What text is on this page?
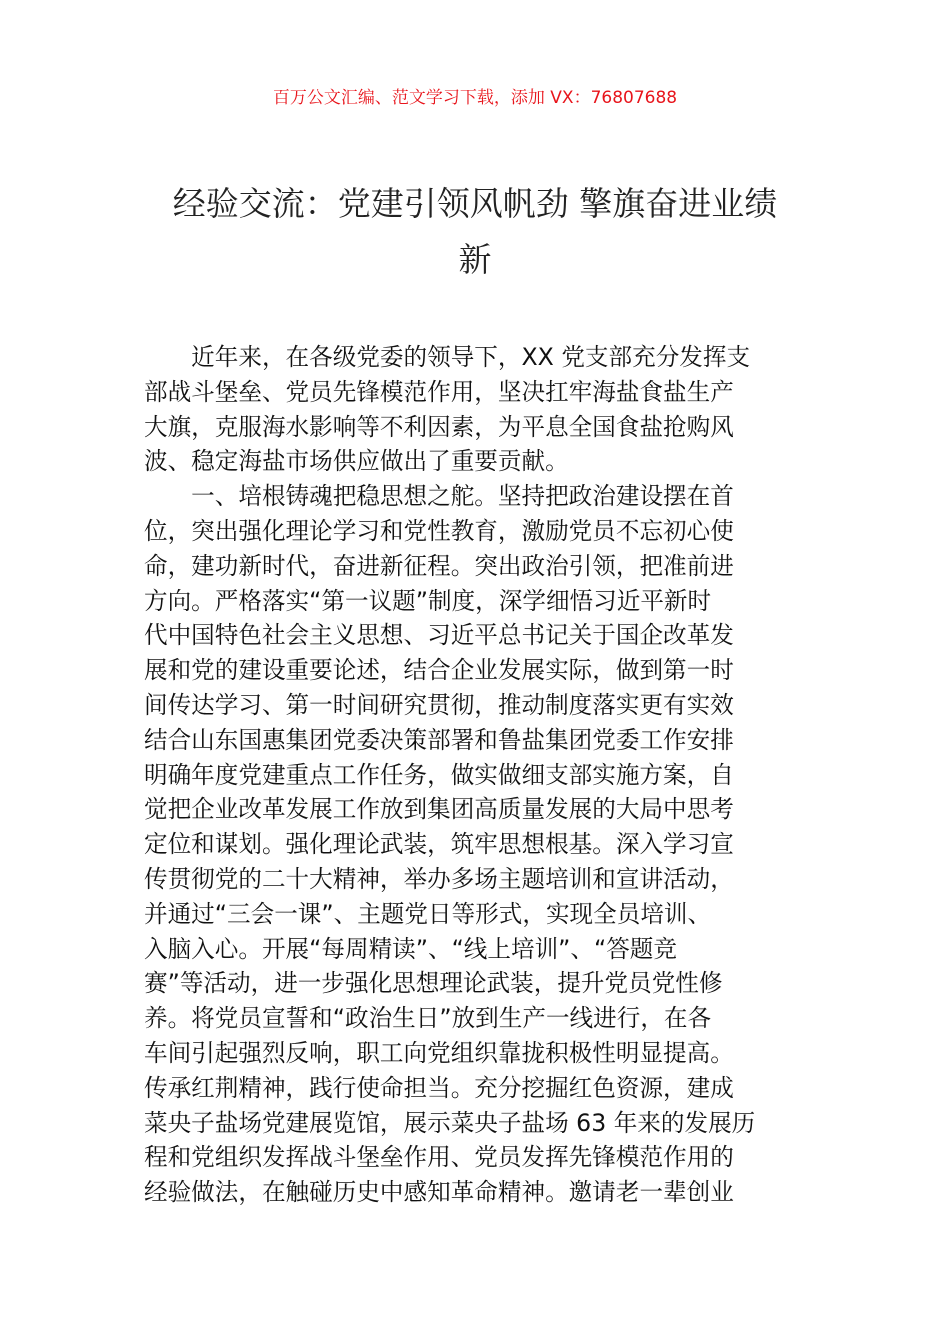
百万公文汇编、范文学习下载，添加 VX：76807688
经验交流：党建引领风帆劲 擎旗奋进业绩
新
　　近年来，在各级党委的领导下，XX 党支部充分发挥支
部战斗堡垒、党员先锋模范作用，坚决扛牢海盐食盐生产
大旗，克服海水影响等不利因素，为平息全国食盐抢购风
波、稳定海盐市场供应做出了重要贡献。
　　一、培根铸魂把稳思想之舵。坚持把政治建设摆在首
位，突出强化理论学习和党性教育，激励党员不忘初心使
命，建功新时代，奋进新征程。突出政治引领，把准前进
方向。严格落实“第一议题”制度，深学细悟习近平新时
代中国特色社会主义思想、习近平总书记关于国企改革发
展和党的建设重要论述，结合企业发展实际，做到第一时
间传达学习、第一时间研究贯彻，推动制度落实更有实效
结合山东国惠集团党委决策部署和鲁盐集团党委工作安排
明确年度党建重点工作任务，做实做细支部实施方案，自
觉把企业改革发展工作放到集团高质量发展的大局中思考
定位和谋划。强化理论武装，筑牢思想根基。深入学习宣
传贯彻党的二十大精神，举办多场主题培训和宣讲活动，
并通过“三会一课”、主题党日等形式，实现全员培训、
入脑入心。开展“每周精读”、“线上培训”、“答题竞
赛”等活动，进一步强化思想理论武装，提升党员党性修
养。将党员宣誓和“政治生日”放到生产一线进行，在各
车间引起强烈反响，职工向党组织靠拢积极性明显提高。
传承红荆精神，践行使命担当。充分挖掘红色资源，建成
菜央子盐场党建展览馆，展示菜央子盐场 63 年来的发展历
程和党组织发挥战斗堡垒作用、党员发挥先锋模范作用的
经验做法，在触碰历史中感知革命精神。邀请老一辈创业
